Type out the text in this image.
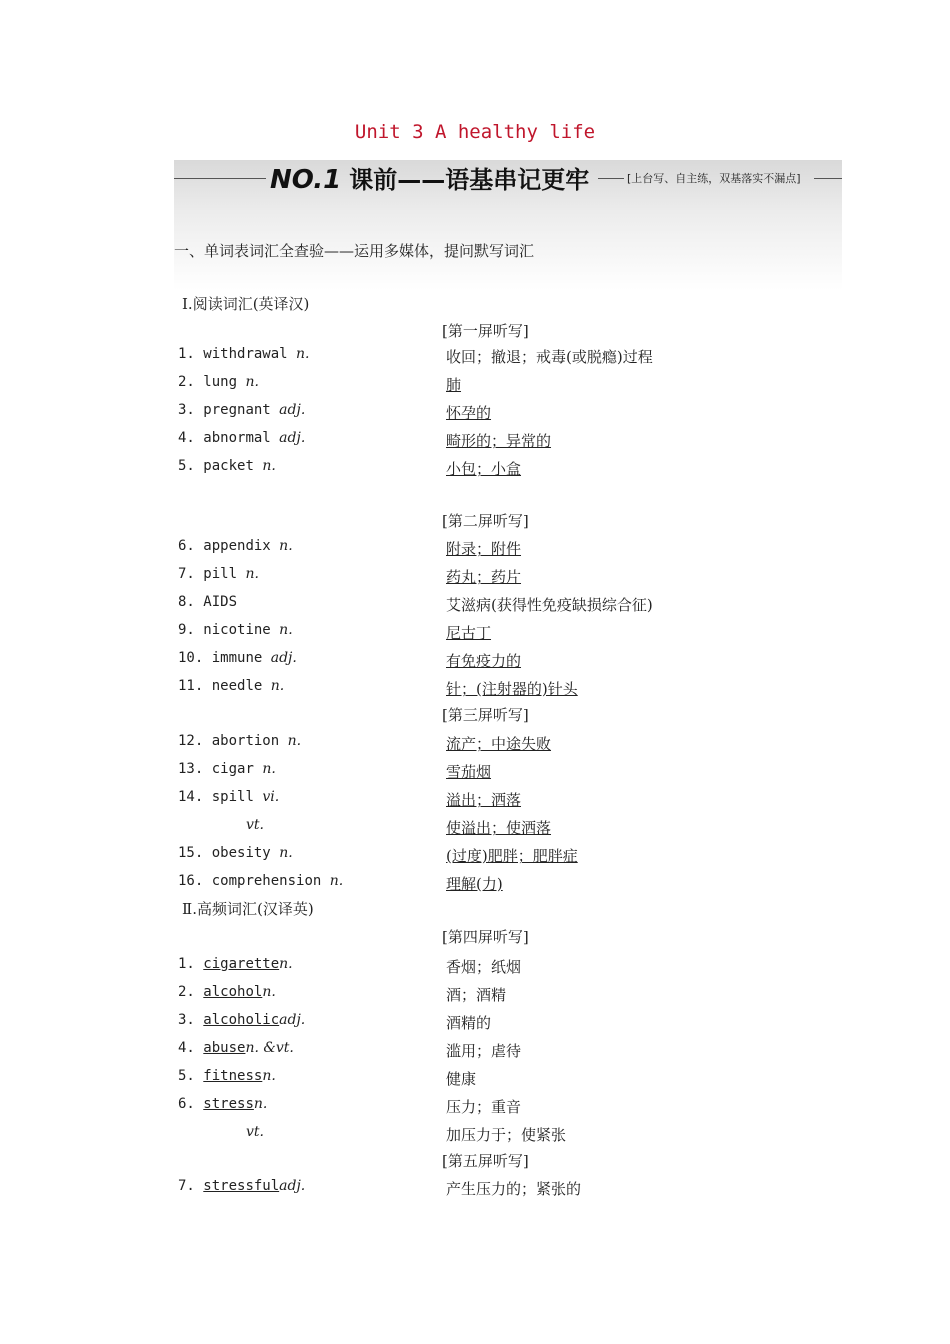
Unit 3 A healthy life
NO.1 课前——语基串记更牢	[上台写、自主练，双基落实不漏点]
一、单词表词汇全查验——运用多媒体，提问默写词汇
Ⅰ.阅读词汇(英译汉)
[第一屏听写]
1. withdrawal n.	收回；撤退；戒毒(或脱瘾)过程
2. lung n.	肺
3. pregnant adj.	怀孕的
4. abnormal adj.	畸形的；异常的
5. packet n.	小包；小盒
[第二屏听写]
6. appendix n.	附录；附件
7. pill n.	药丸；药片
8. AIDS	艾滋病(获得性免疫缺损综合征)
9. nicotine n.	尼古丁
10. immune adj.	有免疫力的
11. needle n.	针；(注射器的)针头
[第三屏听写]
12. abortion n.	流产；中途失败
13. cigar n.	雪茄烟
14. spill vi.	溢出；洒落
vt.	使溢出；使洒落
15. obesity n.	(过度)肥胖；肥胖症
16. comprehension n.	理解(力)
Ⅱ.高频词汇(汉译英)
[第四屏听写]
1. cigaretten.	香烟；纸烟
2. alcoholn.	酒；酒精
3. alcoholicadj.	酒精的
4. abusen. &vt.	滥用；虐待
5. fitnessn.	健康
6. stressn.	压力；重音
vt.	加压力于；使紧张
[第五屏听写]
7. stressfuladj.	产生压力的；紧张的
